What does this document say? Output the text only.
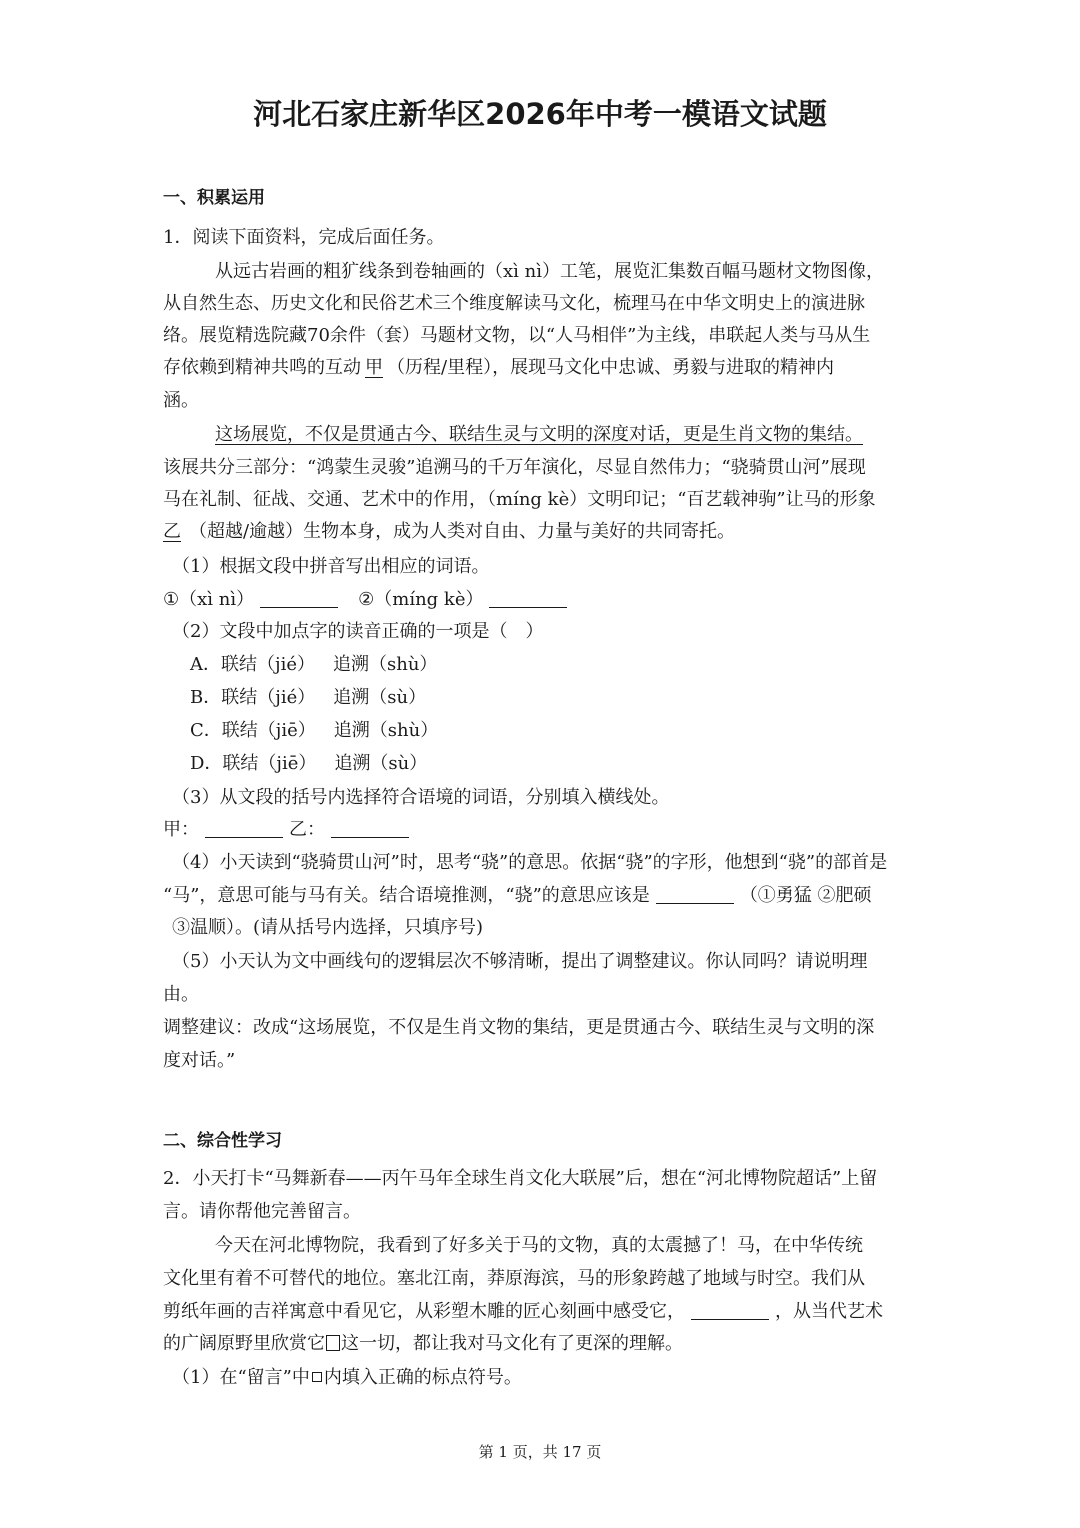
河北石家庄新华区2026年中考一模语文试题
一、积累运用
1．阅读下面资料，完成后面任务。
从远古岩画的粗犷线条到卷轴画的（xì nì）工笔，展览汇集数百幅马题材文物图像，
从自然生态、历史文化和民俗艺术三个维度解读马文化，梳理马在中华文明史上的演进脉
络。展览精选院藏70余件（套）马题材文物，以“人马相伴”为主线，串联起人类与马从生
存依赖到精神共鸣的互动 甲 （历程/里程），展现马文化中忠诚、勇毅与进取的精神内
涵。
这场展览，不仅是贯通古今、联结生灵与文明的深度对话，更是生肖文物的集结。
该展共分三部分：“鸿蒙生灵骏”追溯马的千万年演化，尽显自然伟力；“骁骑贯山河”展现
马在礼制、征战、交通、艺术中的作用，（míng kè）文明印记；“百艺载神驹”让马的形象
乙 （超越/逾越）生物本身，成为人类对自由、力量与美好的共同寄托。
（1）根据文段中拼音写出相应的词语。
①（xì nì）	②（míng kè）
（2）文段中加点字的读音正确的一项是（　）
A．联结（jié） 追溯（shù）
B．联结（jié） 追溯（sù）
C．联结（jiē） 追溯（shù）
D．联结（jiē） 追溯（sù）
（3）从文段的括号内选择符合语境的词语，分别填入横线处。
甲：	乙：
（4）小天读到“骁骑贯山河”时，思考“骁”的意思。依据“骁”的字形，他想到“骁”的部首是
“马”，意思可能与马有关。结合语境推测，“骁”的意思应该是	（①勇猛 ②肥硕
③温顺）。(请从括号内选择，只填序号)
（5）小天认为文中画线句的逻辑层次不够清晰，提出了调整建议。你认同吗？请说明理
由。
调整建议：改成“这场展览，不仅是生肖文物的集结，更是贯通古今、联结生灵与文明的深
度对话。”
二、综合性学习
2．小天打卡“马舞新春——丙午马年全球生肖文化大联展”后，想在“河北博物院超话”上留
言。请你帮他完善留言。
今天在河北博物院，我看到了好多关于马的文物，真的太震撼了！马，在中华传统
文化里有着不可替代的地位。塞北江南，莽原海滨，马的形象跨越了地域与时空。我们从
剪纸年画的吉祥寓意中看见它，从彩塑木雕的匠心刻画中感受它，	，从当代艺术
的广阔原野里欣赏它 这一切，都让我对马文化有了更深的理解。
（1）在“留言”中 内填入正确的标点符号。
第 1 页，共 17 页
